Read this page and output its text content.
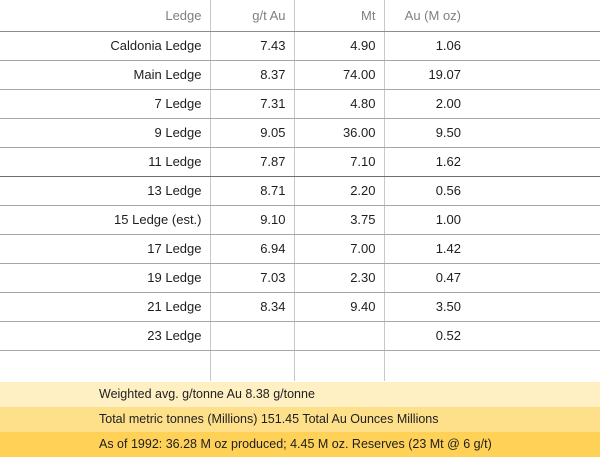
Ledge	g/t Au	Mt	Au (M oz)	
Caldonia Ledge	7.43	4.90	1.06	
Main Ledge	8.37	74.00	19.07	
7 Ledge	7.31	4.80	2.00	
9 Ledge	9.05	36.00	9.50	
11 Ledge	7.87	7.10	1.62	
13 Ledge	8.71	2.20	0.56	
15 Ledge (est.)	9.10	3.75	1.00	
17 Ledge	6.94	7.00	1.42	
19 Ledge	7.03	2.30	0.47	
21 Ledge	8.34	9.40	3.50	
23 Ledge			0.52	

Weighted avg. g/tonne Au 8.38 g/tonne
Total metric tonnes (Millions) 151.45 Total Au Ounces Millions
As of 1992: 36.28 M oz produced; 4.45 M oz. Reserves (23 Mt @ 6 g/t)
